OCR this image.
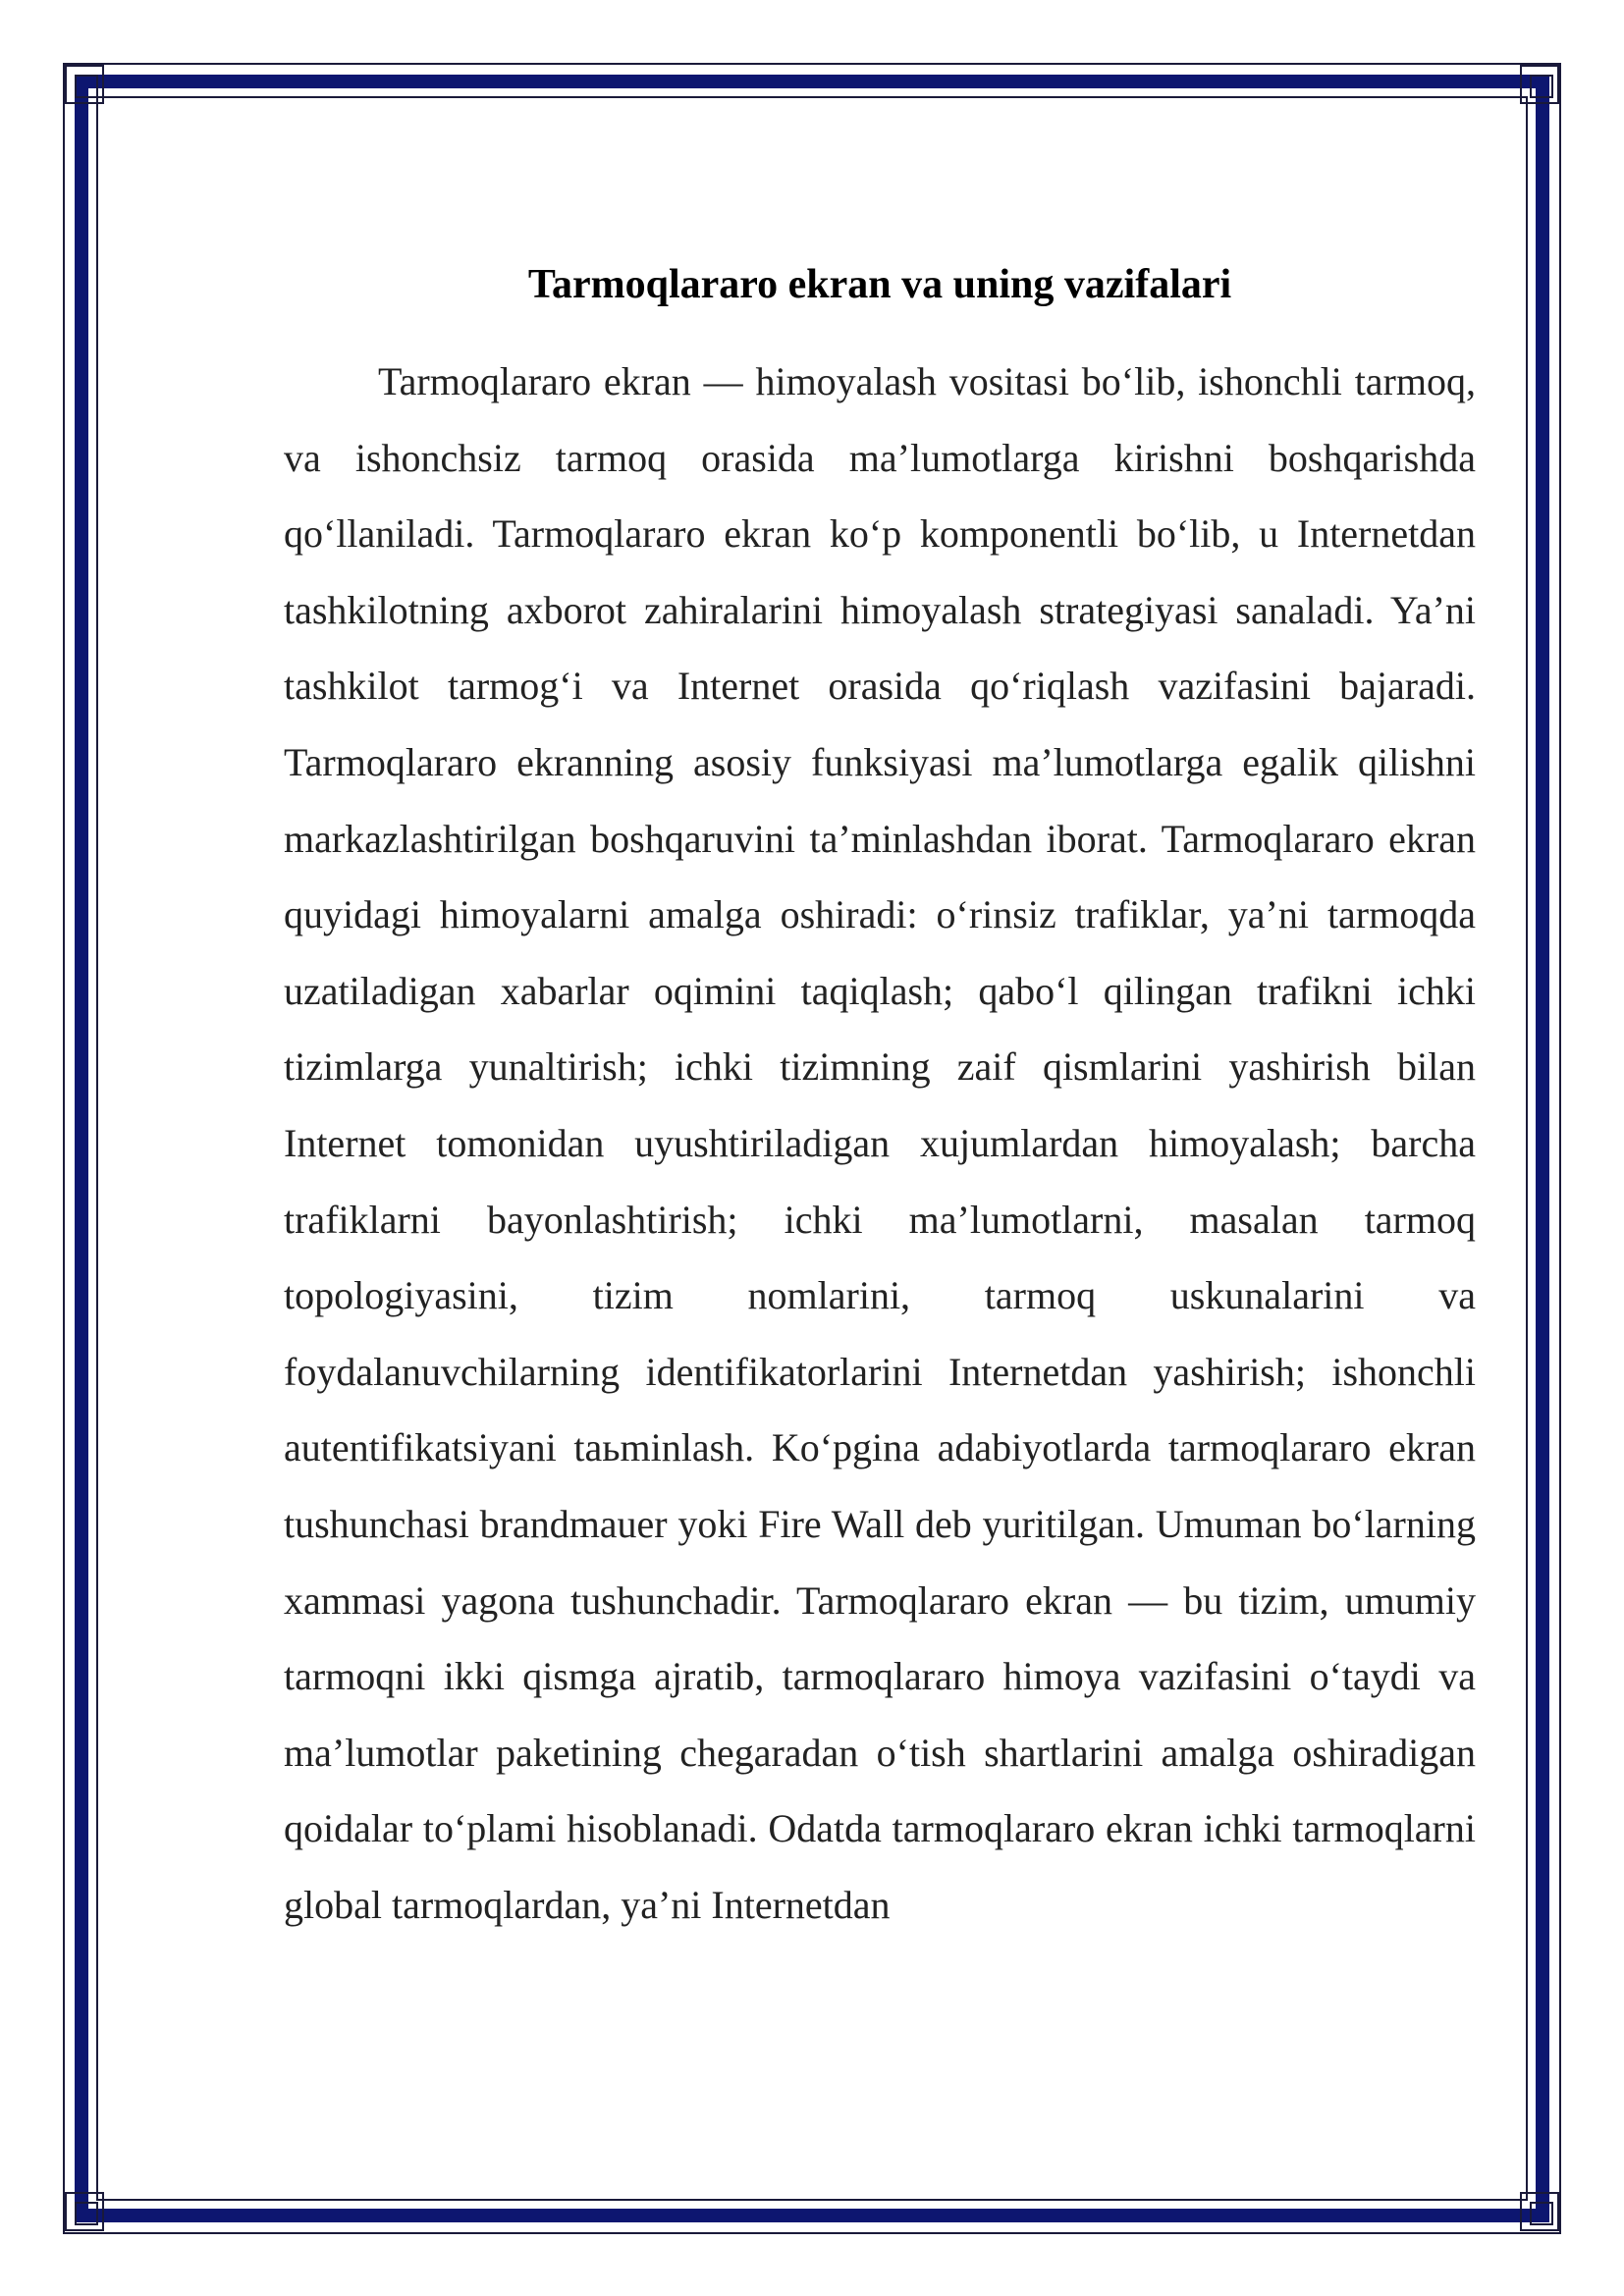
Tarmoqlararo ekran va uning vazifalari

Tarmoqlararo ekran — himoyalash vositasi bo‘lib, ishonchli tarmoq, va ishonchsiz tarmoq orasida ma’lumotlarga kirishni boshqarishda qo‘llaniladi. Tarmoqlararo ekran ko‘p komponentli bo‘lib, u Internetdan tashkilotning axborot zahiralarini himoyalash strategiyasi sanaladi. Ya’ni tashkilot tarmog‘i va Internet orasida qo‘riqlash vazifasini bajaradi. Tarmoqlararo ekranning asosiy funksiyasi ma’lumotlarga egalik qilishni markazlashtirilgan boshqaruvini ta’minlashdan iborat. Tarmoqlararo ekran quyidagi himoyalarni amalga oshiradi: o‘rinsiz trafiklar, ya’ni tarmoqda uzatiladigan xabarlar oqimini taqiqlash; qabo‘l qilingan trafikni ichki tizimlarga yunaltirish; ichki tizimning zaif qismlarini yashirish bilan Internet tomonidan uyushtiriladigan xujumlardan himoyalash; barcha trafiklarni bayonlashtirish; ichki ma’lumotlarni, masalan tarmoq topologiyasini, tizim nomlarini, tarmoq uskunalarini va foydalanuvchilarning identifikatorlarini Internetdan yashirish; ishonchli autentifikatsiyani taьminlash. Ko‘pgina adabiyotlarda tarmoqlararo ekran tushunchasi brandmauer yoki Fire Wall deb yuritilgan. Umuman bo‘larning xammasi yagona tushunchadir. Tarmoqlararo ekran — bu tizim, umumiy tarmoqni ikki qismga ajratib, tarmoqlararo himoya vazifasini o‘taydi va ma’lumotlar paketining chegaradan o‘tish shartlarini amalga oshiradigan qoidalar to‘plami hisoblanadi. Odatda tarmoqlararo ekran ichki tarmoqlarni global tarmoqlardan, ya’ni Internetdan
